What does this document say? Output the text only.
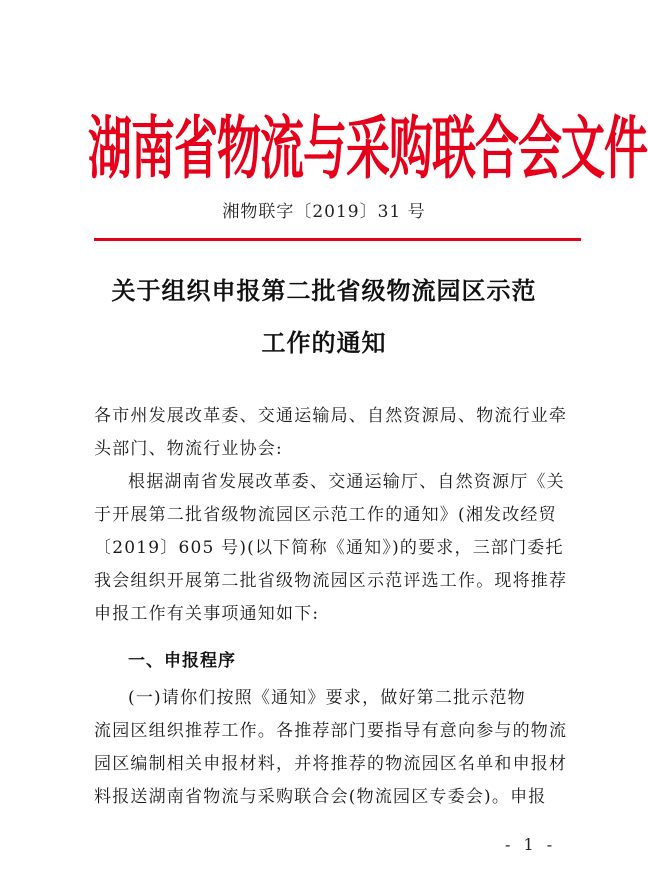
湖南省物流与采购联合会文件
湘物联字〔2019〕31 号
关于组织申报第二批省级物流园区示范
工作的通知
各市州发展改革委、交通运输局、自然资源局、物流行业牵
头部门、物流行业协会:
根据湖南省发展改革委、交通运输厅、自然资源厅《关
于开展第二批省级物流园区示范工作的通知》(湘发改经贸
〔2019〕605 号)(以下简称《通知》)的要求，三部门委托
我会组织开展第二批省级物流园区示范评选工作。现将推荐
申报工作有关事项通知如下:
一、申报程序
(一)请你们按照《通知》要求，做好第二批示范物
流园区组织推荐工作。各推荐部门要指导有意向参与的物流
园区编制相关申报材料，并将推荐的物流园区名单和申报材
料报送湖南省物流与采购联合会(物流园区专委会)。申报
- 1 -
